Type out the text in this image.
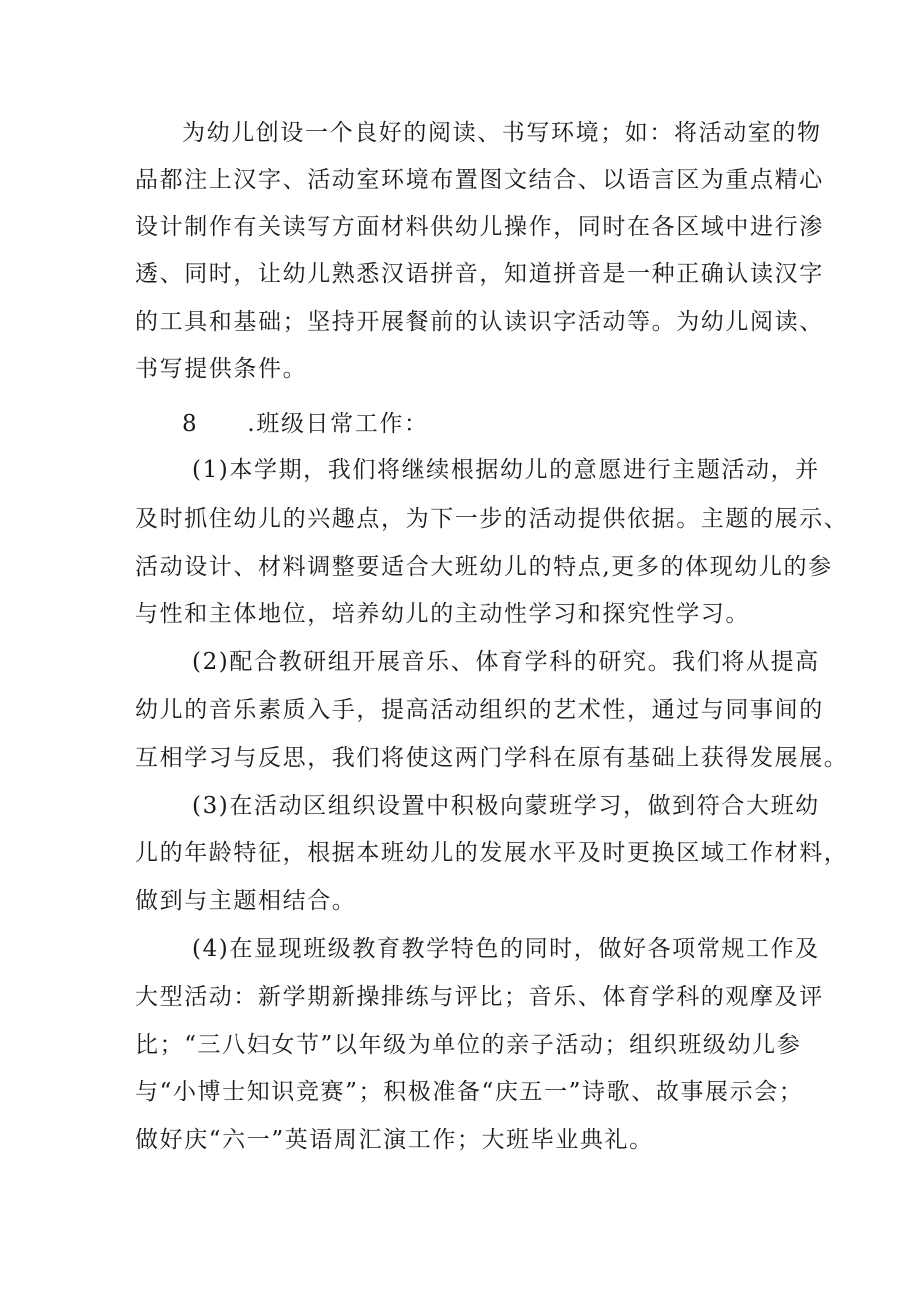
为幼儿创设一个良好的阅读、书写环境；如：将活动室的物
品都注上汉字、活动室环境布置图文结合、以语言区为重点精心
设计制作有关读写方面材料供幼儿操作，同时在各区域中进行渗
透、同时，让幼儿熟悉汉语拼音，知道拼音是一种正确认读汉字
的工具和基础；坚持开展餐前的认读识字活动等。为幼儿阅读、
书写提供条件。
8　　.班级日常工作：
(1)本学期，我们将继续根据幼儿的意愿进行主题活动，并
及时抓住幼儿的兴趣点，为下一步的活动提供依据。主题的展示、
活动设计、材料调整要适合大班幼儿的特点,更多的体现幼儿的参
与性和主体地位，培养幼儿的主动性学习和探究性学习。
(2)配合教研组开展音乐、体育学科的研究。我们将从提高
幼儿的音乐素质入手，提高活动组织的艺术性，通过与同事间的
互相学习与反思，我们将使这两门学科在原有基础上获得发展展。
(3)在活动区组织设置中积极向蒙班学习，做到符合大班幼
儿的年龄特征，根据本班幼儿的发展水平及时更换区域工作材料，
做到与主题相结合。
(4)在显现班级教育教学特色的同时，做好各项常规工作及
大型活动：新学期新操排练与评比；音乐、体育学科的观摩及评
比；“三八妇女节”以年级为单位的亲子活动；组织班级幼儿参
与“小博士知识竞赛”；积极准备“庆五一”诗歌、故事展示会；
做好庆“六一”英语周汇演工作；大班毕业典礼。
